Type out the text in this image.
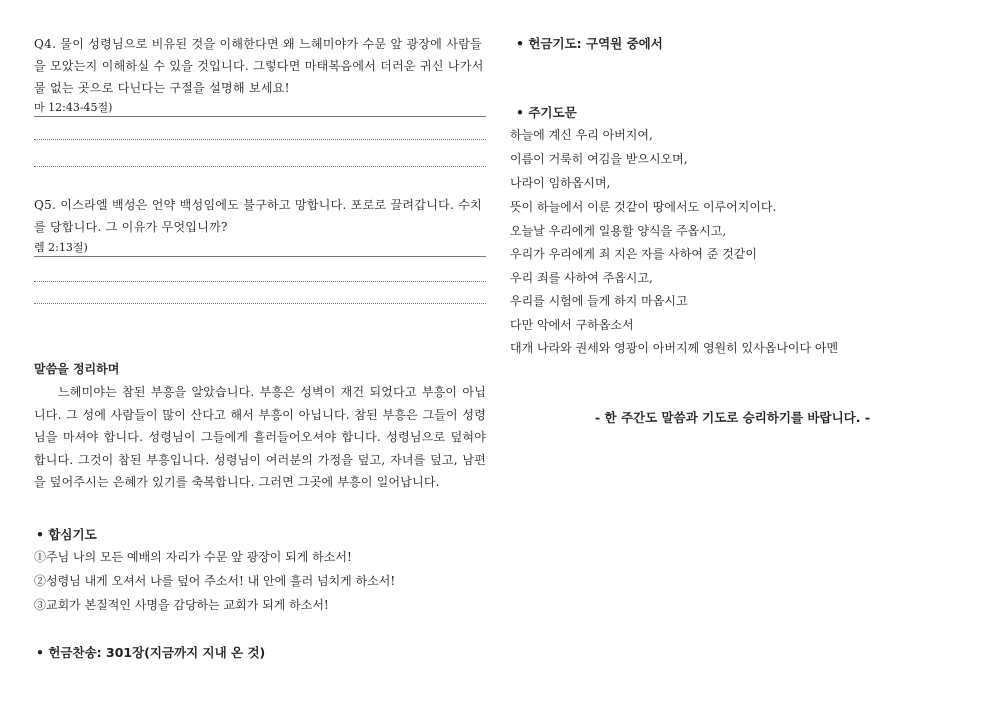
Q4. 물이 성령님으로 비유된 것을 이해한다면 왜 느헤미야가 수문 앞 광장에 사람들을 모았는지 이해하실 수 있을 것입니다. 그렇다면 마태복음에서 더러운 귀신 나가서 물 없는 곳으로 다닌다는 구절을 설명해 보세요!
마 12:43-45절)
Q5. 이스라엘 백성은 언약 백성임에도 불구하고 망합니다. 포로로 끌려갑니다. 수치를 당합니다. 그 이유가 무엇입니까?
렘 2:13절)
말씀을 정리하며
느헤미야는 참된 부흥을 알았습니다. 부흥은 성벽이 재건 되었다고 부흥이 아닙니다. 그 성에 사람들이 많이 산다고 해서 부흥이 아닙니다. 참된 부흥은 그들이 성령님을 마셔야 합니다. 성령님이 그들에게 흘러들어오셔야 합니다. 성령님으로 덮혀야 합니다. 그것이 참된 부흥입니다. 성령님이 여러분의 가정을 덮고, 자녀를 덮고, 남편을 덮어주시는 은혜가 있기를 축복합니다. 그러면 그곳에 부흥이 일어납니다.
• 합심기도
①주님 나의 모든 예배의 자리가 수문 앞 광장이 되게 하소서!
②성령님 내게 오셔서 나를 덮어 주소서! 내 안에 흘러 넘치게 하소서!
③교회가 본질적인 사명을 감당하는 교회가 되게 하소서!
• 헌금찬송: 301장(지금까지 지내 온 것)
• 헌금기도: 구역원 중에서
• 주기도문
하늘에 계신 우리 아버지여,
이름이 거룩히 여김을 받으시오며,
나라이 임하옵시며,
뜻이 하늘에서 이룬 것같이 땅에서도 이루어지이다.
오늘날 우리에게 일용할 양식을 주옵시고,
우리가 우리에게 죄 지은 자를 사하여 준 것같이
우리 죄를 사하여 주옵시고,
우리를 시험에 들게 하지 마옵시고
다만 악에서 구하옵소서
대개 나라와 권세와 영광이 아버지께 영원히 있사옵나이다 아멘
- 한 주간도 말씀과 기도로 승리하기를 바랍니다. -
